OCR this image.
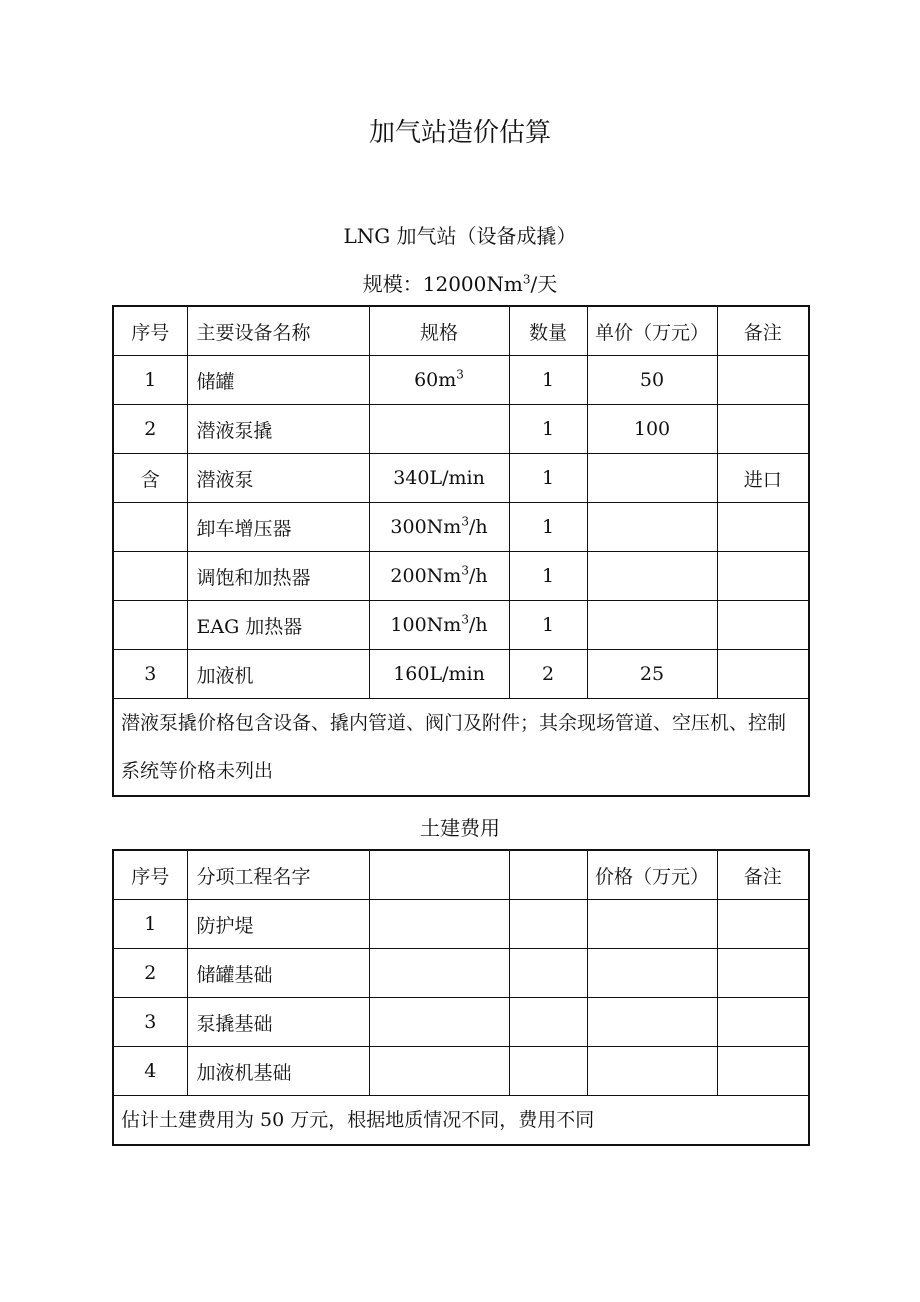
加气站造价估算
LNG 加气站（设备成撬）
规模：12000Nm$^3$/天
序号	主要设备名称	规格	数量	单价（万元）	备注
1	储罐	$60m^3$	1	50	
2	潜液泵撬		1	100	
含	潜液泵	340L/min	1		进口
	卸车增压器	300Nm$^3$/h	1		
	调饱和加热器	200Nm$^3$/h	1		
	EAG 加热器	100Nm$^3$/h	1		
3	加液机	160L/min	2	25	
潜液泵撬价格包含设备、撬内管道、阀门及附件；其余现场管道、空压机、控制系统等价格未列出					
土建费用
序号	分项工程名字			价格（万元）	备注
1	防护堤				
2	储罐基础				
3	泵撬基础				
4	加液机基础				
估计土建费用为 50 万元，根据地质情况不同，费用不同					
